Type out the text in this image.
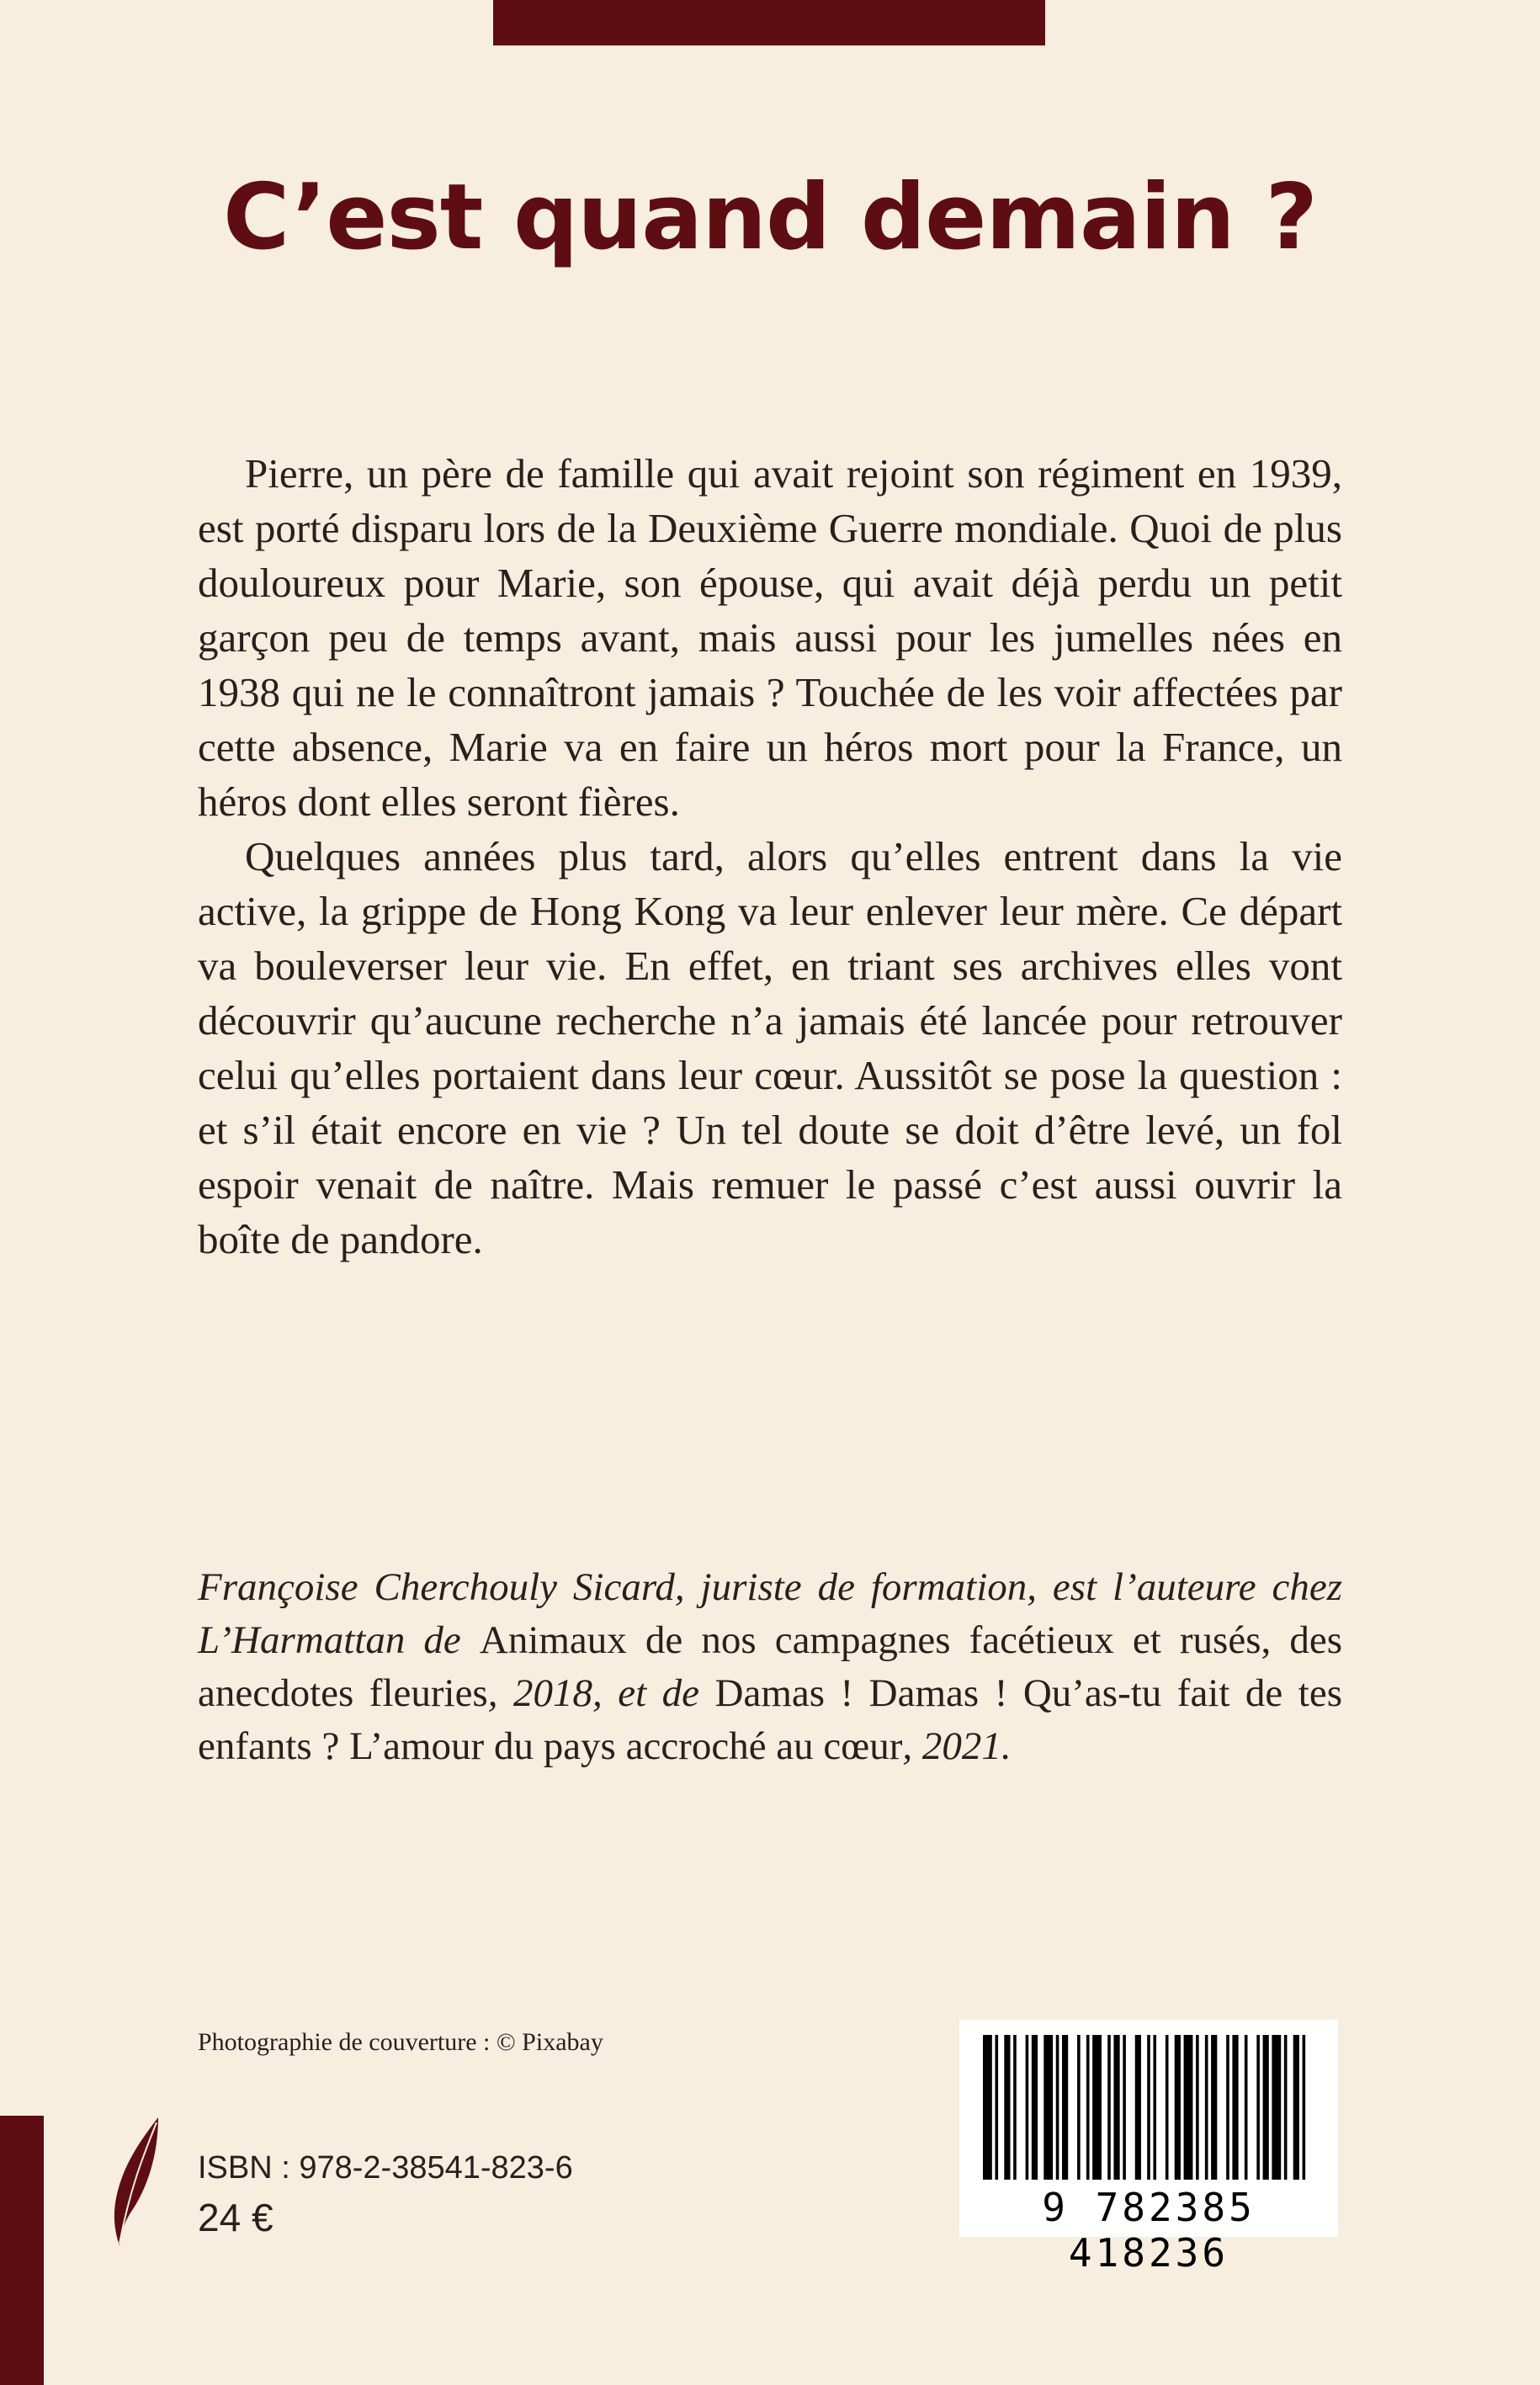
C’est quand demain ?

Pierre, un père de famille qui avait rejoint son régiment en 1939, est porté disparu lors de la Deuxième Guerre mondiale. Quoi de plus douloureux pour Marie, son épouse, qui avait déjà perdu un petit garçon peu de temps avant, mais aussi pour les jumelles nées en 1938 qui ne le connaîtront jamais ? Touchée de les voir affectées par cette absence, Marie va en faire un héros mort pour la France, un héros dont elles seront fières.

Quelques années plus tard, alors qu’elles entrent dans la vie active, la grippe de Hong Kong va leur enlever leur mère. Ce départ va bouleverser leur vie. En effet, en triant ses archives elles vont découvrir qu’aucune recherche n’a jamais été lancée pour retrouver celui qu’elles portaient dans leur cœur. Aussitôt se pose la question : et s’il était encore en vie ? Un tel doute se doit d’être levé, un fol espoir venait de naître. Mais remuer le passé c’est aussi ouvrir la boîte de pandore.

Françoise Cherchouly Sicard, juriste de formation, est l’auteure chez L’Harmattan de Animaux de nos campagnes facétieux et rusés, des anecdotes fleuries, 2018, et de Damas ! Damas ! Qu’as-tu fait de tes enfants ? L’amour du pays accroché au cœur, 2021.
Photographie de couverture : © Pixabay
ISBN : 978-2-38541-823-6
24 €	9 782385 418236
